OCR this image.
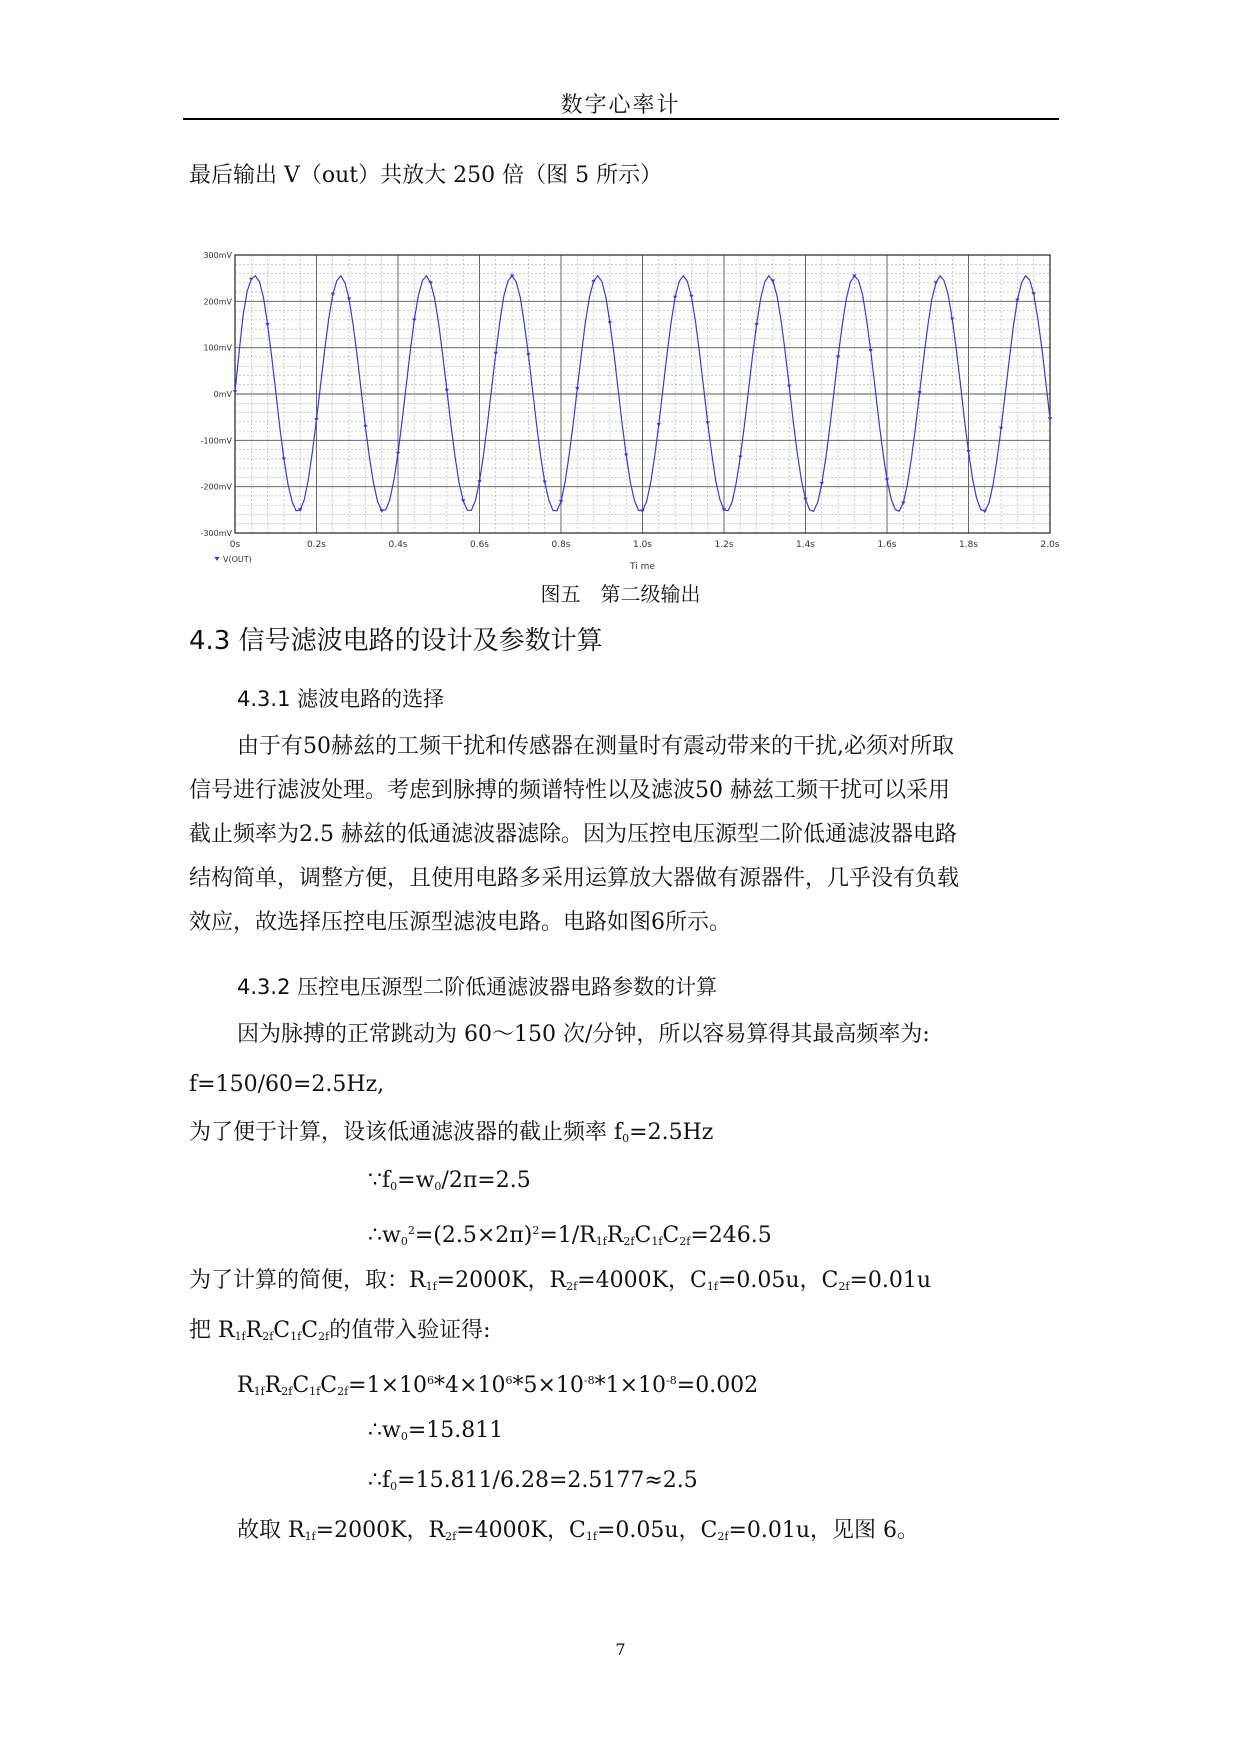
数字心率计
最后输出 V（out）共放大 250 倍（图 5 所示）
0s	0.2s	0.4s	0.6s	0.8s	1.0s	1.2s	1.4s	1.6s	1.8s	2.0s
300mV
200mV
100mV
0mV
-100mV
-200mV
-300mV
V(OUT)
Ti me
图五　第二级输出
4.3 信号滤波电路的设计及参数计算
4.3.1 滤波电路的选择
由于有50赫兹的工频干扰和传感器在测量时有震动带来的干扰,必须对所取
信号进行滤波处理。考虑到脉搏的频谱特性以及滤波50 赫兹工频干扰可以采用
截止频率为2.5 赫兹的低通滤波器滤除。因为压控电压源型二阶低通滤波器电路
结构简单，调整方便，且使用电路多采用运算放大器做有源器件，几乎没有负载
效应，故选择压控电压源型滤波电路。电路如图6所示。
4.3.2 压控电压源型二阶低通滤波器电路参数的计算
因为脉搏的正常跳动为 60～150 次/分钟，所以容易算得其最高频率为:
f=150/60=2.5Hz,
为了便于计算，设该低通滤波器的截止频率 $f_0=2.5Hz$
$\because f_0=w_0/2\pi=2.5$
$\therefore w_0^2=(2.5\times 2\pi)^2=1/R_{1f}R_{2f}C_{1f}C_{2f}=246.5$
为了计算的简便，取：$R_{1f}=2000K$，$R_{2f}=4000K$，$C_{1f}=0.05u$，$C_{2f}=0.01u$
把 $R_{1f}R_{2f}C_{1f}C_{2f}$的值带入验证得:
$R_{1f}R_{2f}C_{1f}C_{2f}=1\times 10^6*4\times 10^6*5\times 10^{-8}*1\times 10^{-8}=0.002$
$\therefore w_0=15.811$
$\therefore f_0=15.811/6.28=2.5177\approx 2.5$
故取 $R_{1f}=2000K$，$R_{2f}=4000K$，$C_{1f}=0.05u$，$C_{2f}=0.01u$，见图 6。
7
